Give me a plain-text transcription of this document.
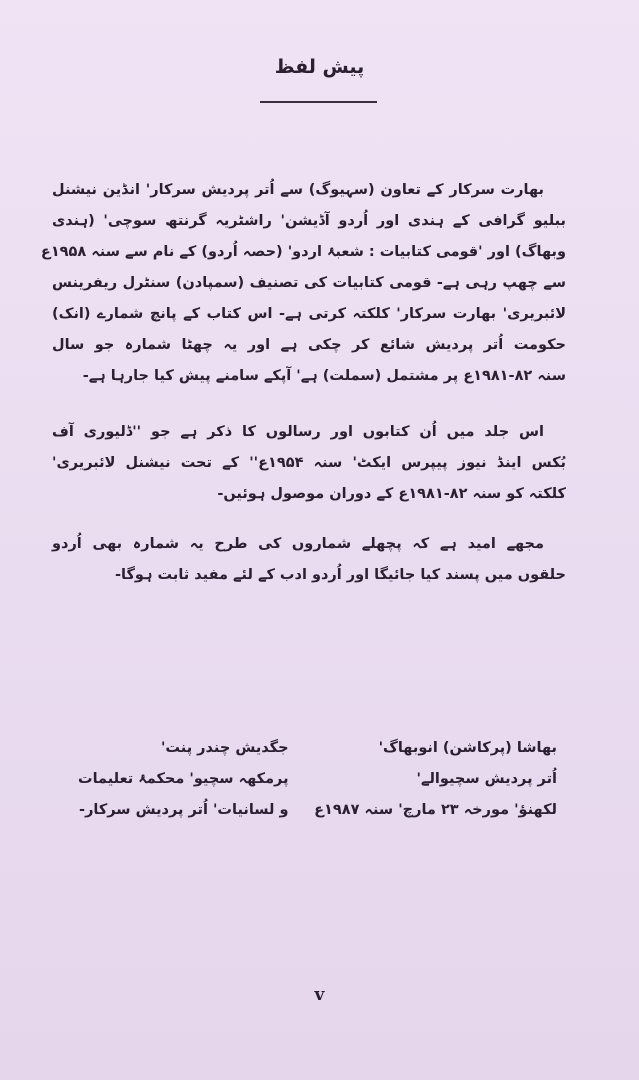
پیش لفظ
بھارت سرکار کے تعاون (سہیوگ) سے اُتر پردیش سرکار' انڈین نیشنل
ببلیو گرافی کے ہندی اور اُردو آڈیشن' راشٹریہ گرنتھ سوچی' (ہندی
وبھاگ) اور 'قومی کتابیات : شعبۂ اردو' (حصہ اُردو) کے نام سے سنہ ۱۹۵۸ع
سے چھپ رہی ہے- قومی کتابیات کی تصنیف (سمپادن) سنٹرل ریفرینس
لائبریری' بھارت سرکار' کلکتہ کرتی ہے- اس کتاب کے پانچ شمارے (انک)
حکومت اُتر پردیش شائع کر چکی ہے اور یہ چھٹا شمارہ جو سال
سنہ ۸۲-۱۹۸۱ع پر مشتمل (سملت) ہے' آپکے سامنے پیش کیا جارہا ہے-
اس جلد میں اُن کتابوں اور رسالوں کا ذکر ہے جو ''ڈلیوری آف
بُکس اینڈ نیوز پیپرس ایکٹ' سنہ ۱۹۵۴ع'' کے تحت نیشنل لائبریری'
کلکتہ کو سنہ ۸۲-۱۹۸۱ع کے دوران موصول ہوئیں-
مجھے امید ہے کہ پچھلے شماروں کی طرح یہ شمارہ بھی اُردو
حلقوں میں پسند کیا جائیگا اور اُردو ادب کے لئے مفید ثابت ہوگا-
بھاشا (پرکاشن) انوبھاگ'
اُتر پردیش سچیوالے'
لکھنؤ' مورخہ ۲۳ مارچ' سنہ ۱۹۸۷ع
جگدیش چندر پنت'
پرمکھہ سچیو' محکمۂ تعلیمات
و لسانیات' اُتر پردیش سرکار-
v
